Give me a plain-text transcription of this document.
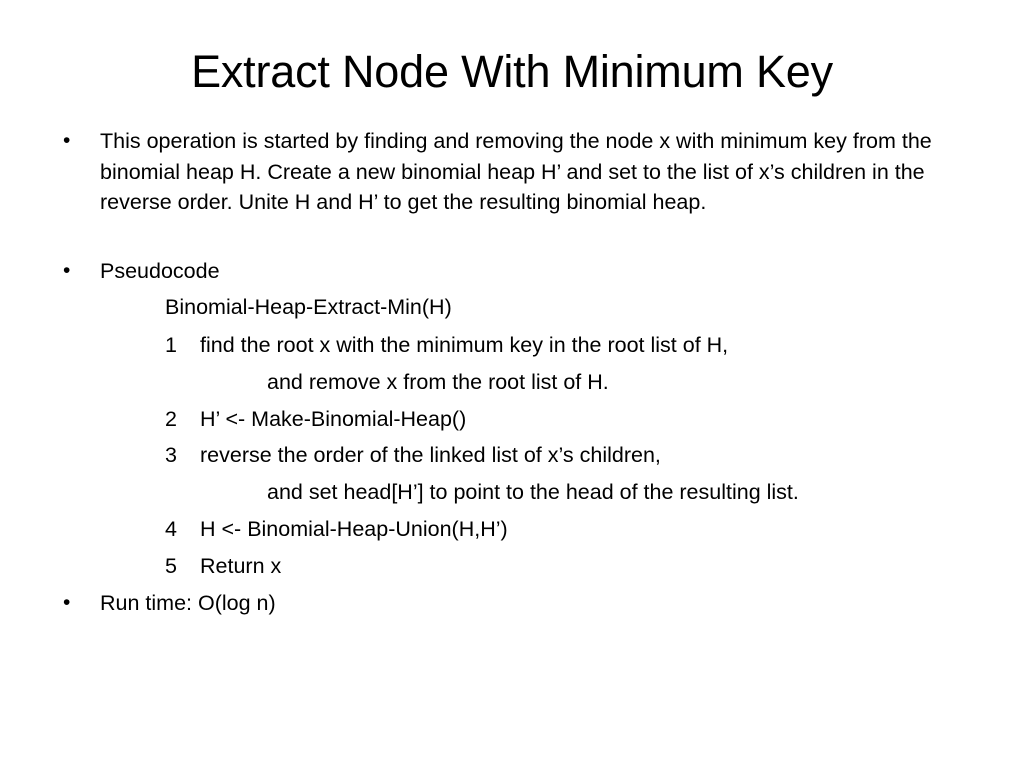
Extract Node With Minimum Key
• This operation is started by finding and removing the node x with minimum key from the binomial heap H. Create a new binomial heap H’ and set to the list of x’s children in the reverse order. Unite H and H’ to get the resulting binomial heap.
• Pseudocode
Binomial-Heap-Extract-Min(H)
1 find the root x with the minimum key in the root list of H,
and remove x from the root list of H.
2 H’ <- Make-Binomial-Heap()
3 reverse the order of the linked list of x’s children,
and set head[H’] to point to the head of the resulting list.
4 H <- Binomial-Heap-Union(H,H’)
5 Return x
• Run time: O(log n)
